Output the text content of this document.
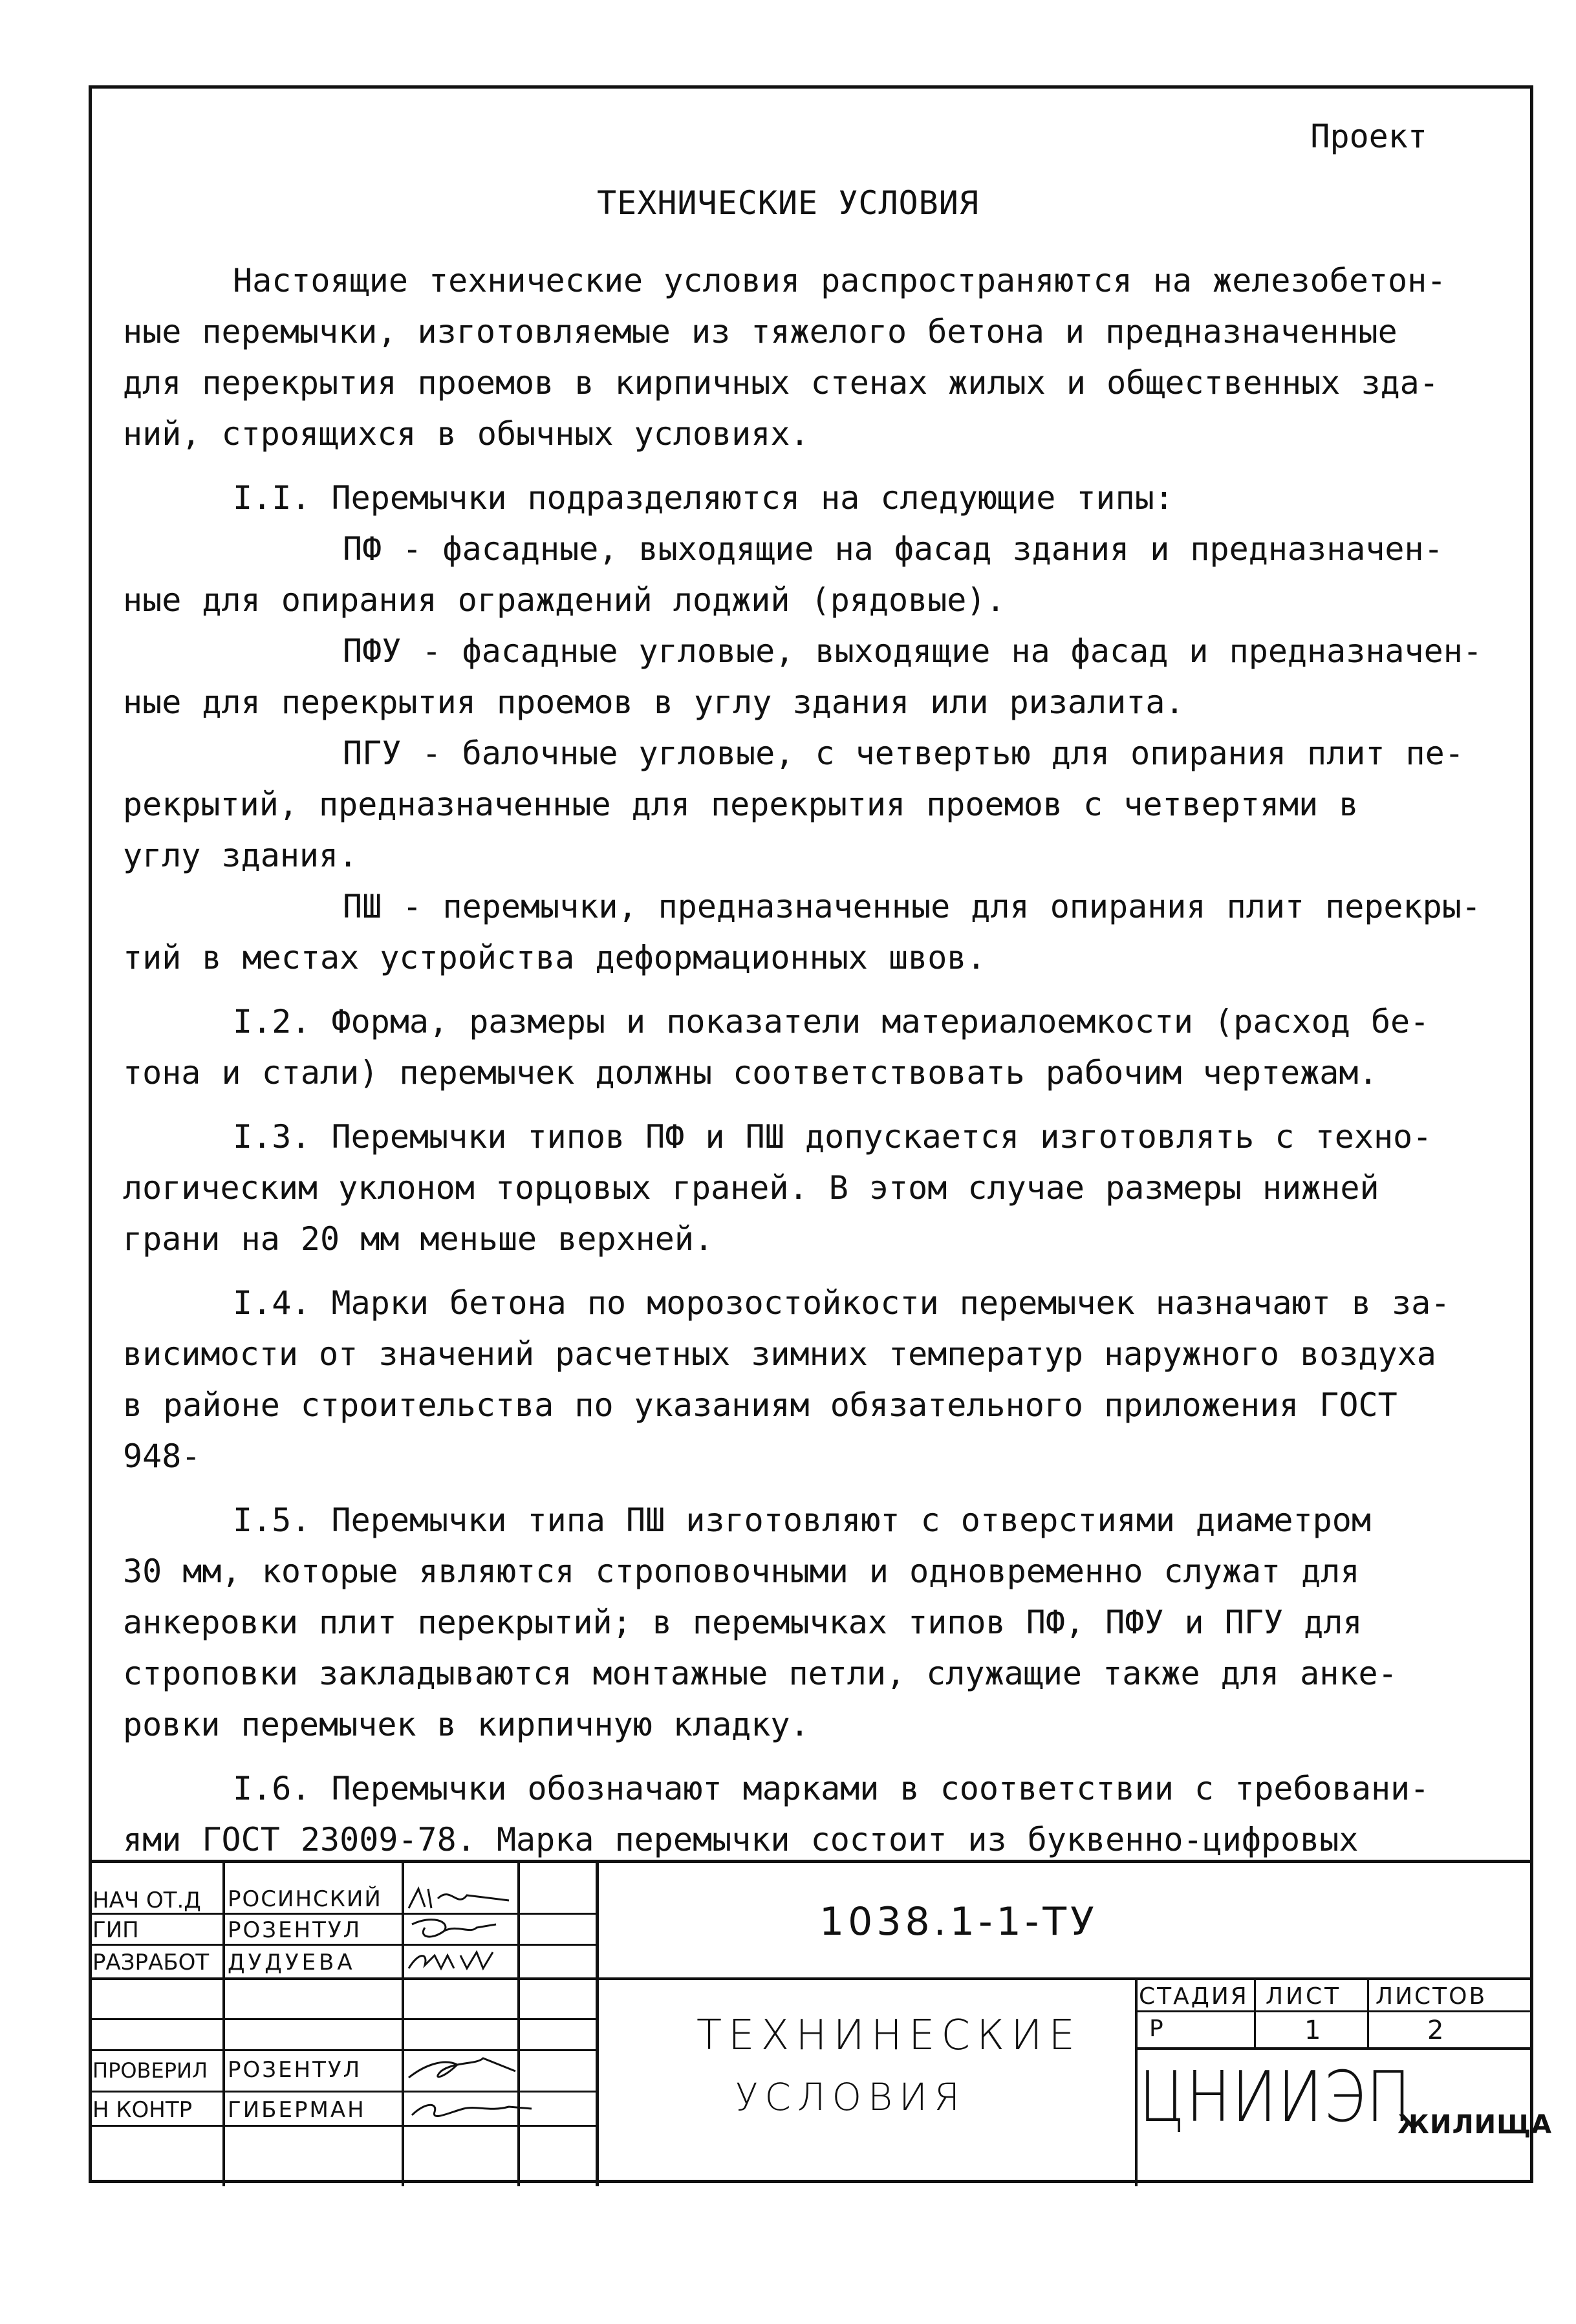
Проект
ТЕХНИЧЕСКИЕ УСЛОВИЯ

Настоящие технические условия распространяются на железобетон-
ные перемычки, изготовляемые из тяжелого бетона и предназначенные
для перекрытия проемов в кирпичных стенах жилых и общественных зда-
ний, строящихся в обычных условиях.

I.I. Перемычки подразделяются на следующие типы:
ПФ - фасадные, выходящие на фасад здания и предназначен-
ные для опирания ограждений лоджий (рядовые).
ПФУ - фасадные угловые, выходящие на фасад и предназначен-
ные для перекрытия проемов в углу здания или ризалита.
ПГУ - балочные угловые, с четвертью для опирания плит пе-
рекрытий, предназначенные для перекрытия проемов с четвертями в
углу здания.
ПШ - перемычки, предназначенные для опирания плит перекры-
тий в местах устройства деформационных швов.

I.2. Форма, размеры и показатели материалоемкости (расход бе-
тона и стали) перемычек должны соответствовать рабочим чертежам.

I.3. Перемычки типов ПФ и ПШ допускается изготовлять с техно-
логическим уклоном торцовых граней. В этом случае размеры нижней
грани на 20 мм меньше верхней.

I.4. Марки бетона по морозостойкости перемычек назначают в за-
висимости от значений расчетных зимних температур наружного воздуха
в районе строительства по указаниям обязательного приложения ГОСТ
948-

I.5. Перемычки типа ПШ изготовляют с отверстиями диаметром
30 мм, которые являются строповочными и одновременно служат для
анкеровки плит перекрытий; в перемычках типов ПФ, ПФУ и ПГУ для
строповки закладываются монтажные петли, служащие также для анке-
ровки перемычек в кирпичную кладку.

I.6. Перемычки обозначают марками в соответствии с требовани-
ями ГОСТ 23009-78. Марка перемычки состоит из буквенно-цифровых

НАЧ ОТ.Д РОСИНСКИЙ
ГИП	РОЗЕНТУЛ
РАЗРАБОТ ДУДУЕВА
ПРОВЕРИЛ РОЗЕНТУЛ
Н КОНТР ГИБЕРМАН
1038.1-1-ТУ
ТЕХНИНЕСКИЕ
УСЛОВИЯ
СТАДИЯ ЛИСТ ЛИСТОВ
Р	1	2
ЦНИИЭП
ЖИЛИЩА
